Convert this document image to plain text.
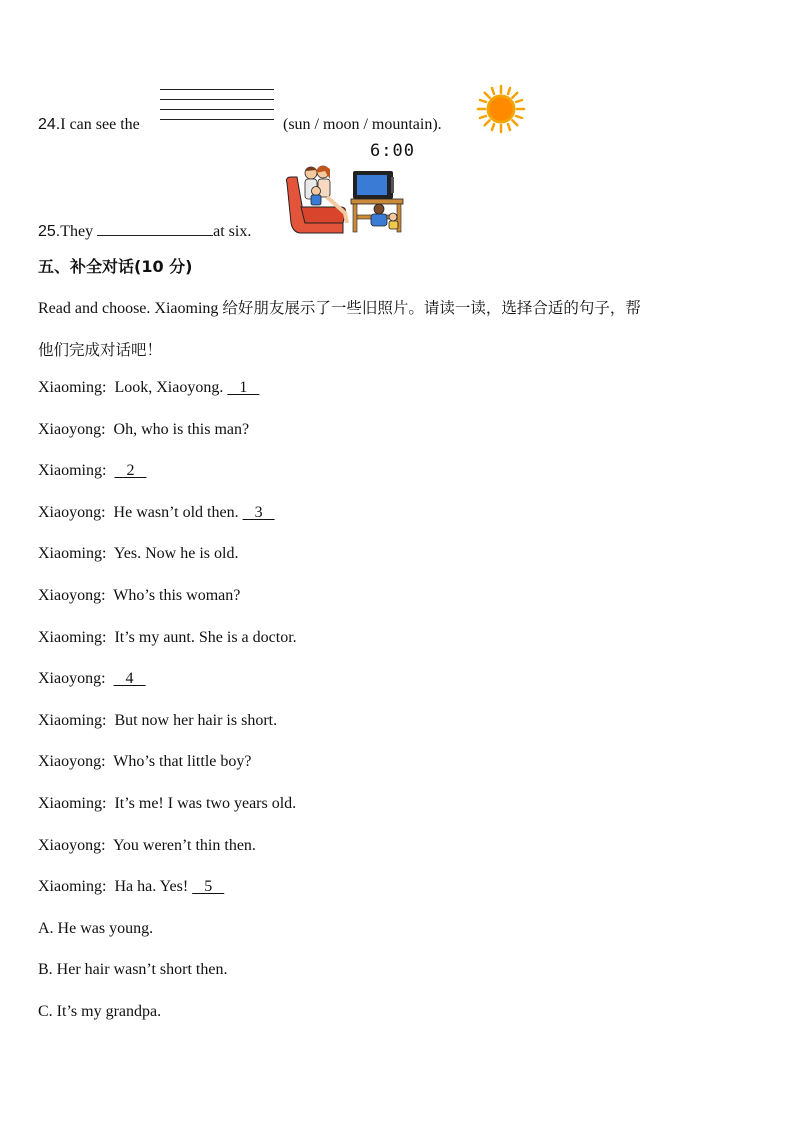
24.I can see the	(sun / moon / mountain).
6:00
25.They	at six.
五、补全对话(10 分)
Read and choose. Xiaoming 给好朋友展示了一些旧照片。请读一读，选择合适的句子，帮
他们完成对话吧！
Xiaoming: Look, Xiaoyong.    1
Xiaoyong: Oh, who is this man?
Xiaoming:     2
Xiaoyong: He wasn’t old then.    3
Xiaoming: Yes. Now he is old.
Xiaoyong: Who’s this woman?
Xiaoming: It’s my aunt. She is a doctor.
Xiaoyong:     4
Xiaoming: But now her hair is short.
Xiaoyong: Who’s that little boy?
Xiaoming: It’s me! I was two years old.
Xiaoyong: You weren’t thin then.
Xiaoming: Ha ha. Yes!    5
A. He was young.
B. Her hair wasn’t short then.
C. It’s my grandpa.
